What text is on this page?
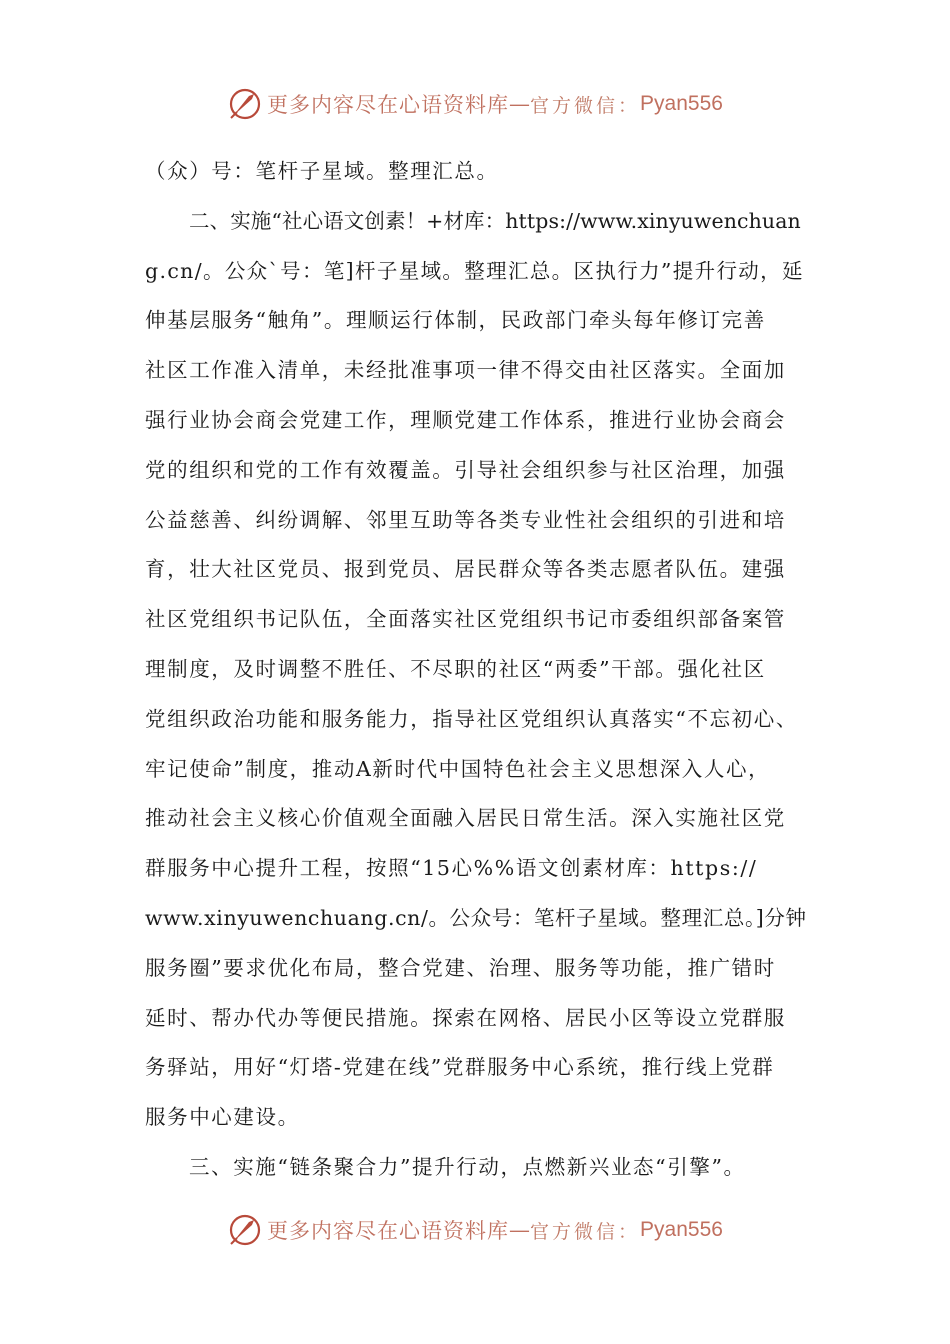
更多内容尽在心语资料库 — 官方微信： Pyan556
（众）号：笔杆子星域。整理汇总。
二、实施“社心语文创素！+材库：https://www.xinyuwenchuan
g.cn/。公众`号：笔]杆子星域。整理汇总。区执行力”提升行动，延
伸基层服务“触角”。理顺运行体制，民政部门牵头每年修订完善
社区工作准入清单，未经批准事项一律不得交由社区落实。全面加
强行业协会商会党建工作，理顺党建工作体系，推进行业协会商会
党的组织和党的工作有效覆盖。引导社会组织参与社区治理，加强
公益慈善、纠纷调解、邻里互助等各类专业性社会组织的引进和培
育，壮大社区党员、报到党员、居民群众等各类志愿者队伍。建强
社区党组织书记队伍，全面落实社区党组织书记市委组织部备案管
理制度，及时调整不胜任、不尽职的社区“两委”干部。强化社区
党组织政治功能和服务能力，指导社区党组织认真落实“不忘初心、
牢记使命”制度，推动A新时代中国特色社会主义思想深入人心，
推动社会主义核心价值观全面融入居民日常生活。深入实施社区党
群服务中心提升工程，按照“15心%%语文创素材库：https://
www.xinyuwenchuang.cn/。公众号：笔杆子星域。整理汇总。]分钟
服务圈”要求优化布局，整合党建、治理、服务等功能，推广错时
延时、帮办代办等便民措施。探索在网格、居民小区等设立党群服
务驿站，用好“灯塔-党建在线”党群服务中心系统，推行线上党群
服务中心建设。
三、实施“链条聚合力”提升行动，点燃新兴业态“引擎”。
更多内容尽在心语资料库 — 官方微信： Pyan556
